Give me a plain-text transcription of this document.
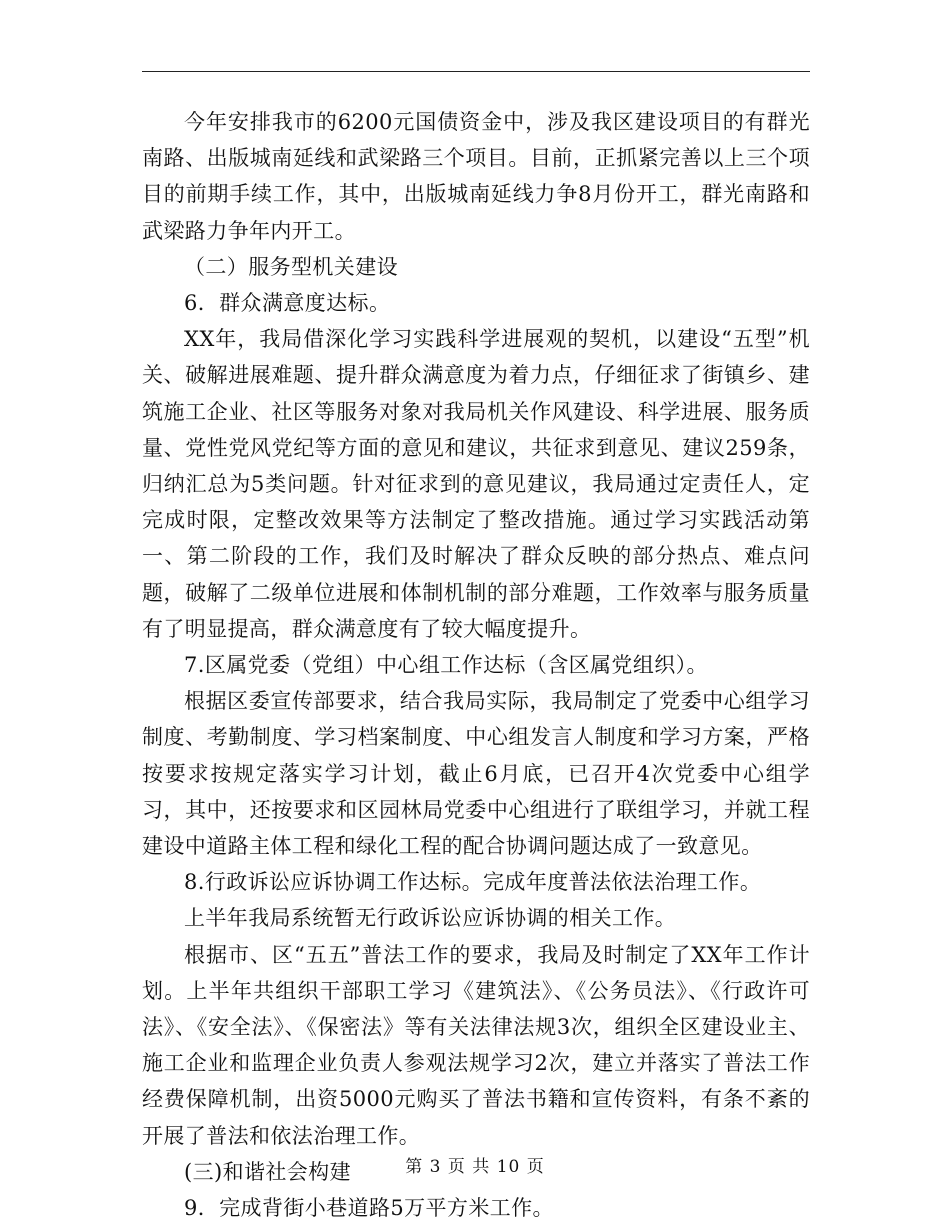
今年安排我市的6200元国债资金中，涉及我区建设项目的有群光南路、出版城南延线和武梁路三个项目。目前，正抓紧完善以上三个项目的前期手续工作，其中，出版城南延线力争8月份开工，群光南路和武梁路力争年内开工。

（二）服务型机关建设

6．群众满意度达标。

XX年，我局借深化学习实践科学进展观的契机，以建设“五型”机关、破解进展难题、提升群众满意度为着力点，仔细征求了街镇乡、建筑施工企业、社区等服务对象对我局机关作风建设、科学进展、服务质量、党性党风党纪等方面的意见和建议，共征求到意见、建议259条，归纳汇总为5类问题。针对征求到的意见建议，我局通过定责任人，定完成时限，定整改效果等方法制定了整改措施。通过学习实践活动第一、第二阶段的工作，我们及时解决了群众反映的部分热点、难点问题，破解了二级单位进展和体制机制的部分难题，工作效率与服务质量有了明显提高，群众满意度有了较大幅度提升。

7.区属党委（党组）中心组工作达标（含区属党组织）。

根据区委宣传部要求，结合我局实际，我局制定了党委中心组学习制度、考勤制度、学习档案制度、中心组发言人制度和学习方案，严格按要求按规定落实学习计划，截止6月底，已召开4次党委中心组学习，其中，还按要求和区园林局党委中心组进行了联组学习，并就工程建设中道路主体工程和绿化工程的配合协调问题达成了一致意见。

8.行政诉讼应诉协调工作达标。完成年度普法依法治理工作。

上半年我局系统暂无行政诉讼应诉协调的相关工作。

根据市、区“五五”普法工作的要求，我局及时制定了XX年工作计划。上半年共组织干部职工学习《建筑法》、《公务员法》、《行政许可法》、《安全法》、《保密法》等有关法律法规3次，组织全区建设业主、施工企业和监理企业负责人参观法规学习2次，建立并落实了普法工作经费保障机制，出资5000元购买了普法书籍和宣传资料，有条不紊的开展了普法和依法治理工作。

(三)和谐社会构建

9．完成背街小巷道路5万平方米工作。

第 3 页 共 10 页
